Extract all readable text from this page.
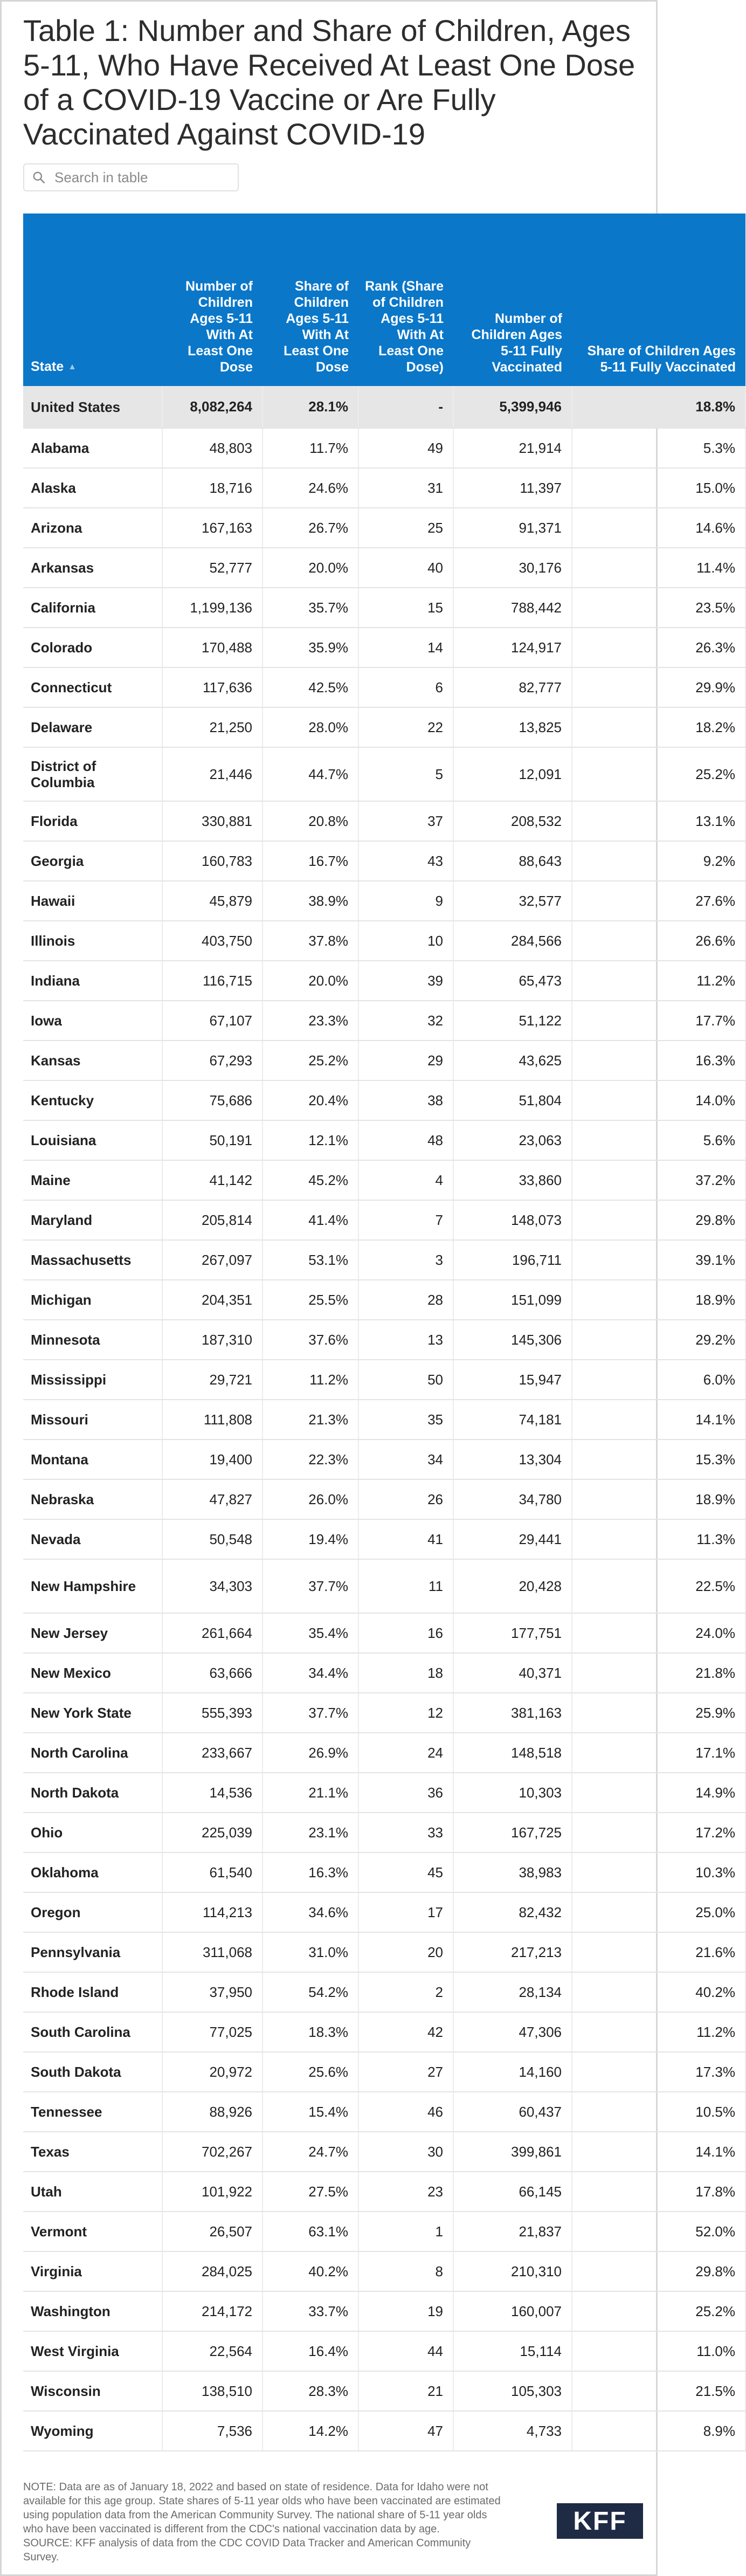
Table 1: Number and Share of Children, Ages 5-11, Who Have Received At Least One Dose of a COVID-19 Vaccine or Are Fully Vaccinated Against COVID-19
Search in table
State ▲	Number of Children Ages 5-11 With At Least One Dose	Share of Children Ages 5-11 With At Least One Dose	Rank (Share of Children Ages 5-11 With At Least One Dose)	Number of Children Ages 5-11 Fully Vaccinated	Share of Children Ages 5-11 Fully Vaccinated
United States	8,082,264	28.1%	-	5,399,946	18.8%
Alabama	48,803	11.7%	49	21,914	5.3%
Alaska	18,716	24.6%	31	11,397	15.0%
Arizona	167,163	26.7%	25	91,371	14.6%
Arkansas	52,777	20.0%	40	30,176	11.4%
California	1,199,136	35.7%	15	788,442	23.5%
Colorado	170,488	35.9%	14	124,917	26.3%
Connecticut	117,636	42.5%	6	82,777	29.9%
Delaware	21,250	28.0%	22	13,825	18.2%
District of Columbia	21,446	44.7%	5	12,091	25.2%
Florida	330,881	20.8%	37	208,532	13.1%
Georgia	160,783	16.7%	43	88,643	9.2%
Hawaii	45,879	38.9%	9	32,577	27.6%
Illinois	403,750	37.8%	10	284,566	26.6%
Indiana	116,715	20.0%	39	65,473	11.2%
Iowa	67,107	23.3%	32	51,122	17.7%
Kansas	67,293	25.2%	29	43,625	16.3%
Kentucky	75,686	20.4%	38	51,804	14.0%
Louisiana	50,191	12.1%	48	23,063	5.6%
Maine	41,142	45.2%	4	33,860	37.2%
Maryland	205,814	41.4%	7	148,073	29.8%
Massachusetts	267,097	53.1%	3	196,711	39.1%
Michigan	204,351	25.5%	28	151,099	18.9%
Minnesota	187,310	37.6%	13	145,306	29.2%
Mississippi	29,721	11.2%	50	15,947	6.0%
Missouri	111,808	21.3%	35	74,181	14.1%
Montana	19,400	22.3%	34	13,304	15.3%
Nebraska	47,827	26.0%	26	34,780	18.9%
Nevada	50,548	19.4%	41	29,441	11.3%
New Hampshire	34,303	37.7%	11	20,428	22.5%
New Jersey	261,664	35.4%	16	177,751	24.0%
New Mexico	63,666	34.4%	18	40,371	21.8%
New York State	555,393	37.7%	12	381,163	25.9%
North Carolina	233,667	26.9%	24	148,518	17.1%
North Dakota	14,536	21.1%	36	10,303	14.9%
Ohio	225,039	23.1%	33	167,725	17.2%
Oklahoma	61,540	16.3%	45	38,983	10.3%
Oregon	114,213	34.6%	17	82,432	25.0%
Pennsylvania	311,068	31.0%	20	217,213	21.6%
Rhode Island	37,950	54.2%	2	28,134	40.2%
South Carolina	77,025	18.3%	42	47,306	11.2%
South Dakota	20,972	25.6%	27	14,160	17.3%
Tennessee	88,926	15.4%	46	60,437	10.5%
Texas	702,267	24.7%	30	399,861	14.1%
Utah	101,922	27.5%	23	66,145	17.8%
Vermont	26,507	63.1%	1	21,837	52.0%
Virginia	284,025	40.2%	8	210,310	29.8%
Washington	214,172	33.7%	19	160,007	25.2%
West Virginia	22,564	16.4%	44	15,114	11.0%
Wisconsin	138,510	28.3%	21	105,303	21.5%
Wyoming	7,536	14.2%	47	4,733	8.9%
NOTE: Data are as of January 18, 2022 and based on state of residence. Data for Idaho were not available for this age group. State shares of 5-11 year olds who have been vaccinated are estimated using population data from the American Community Survey. The national share of 5-11 year olds who have been vaccinated is different from the CDC's national vaccination data by age.
SOURCE: KFF analysis of data from the CDC COVID Data Tracker and American Community Survey.
KFF
